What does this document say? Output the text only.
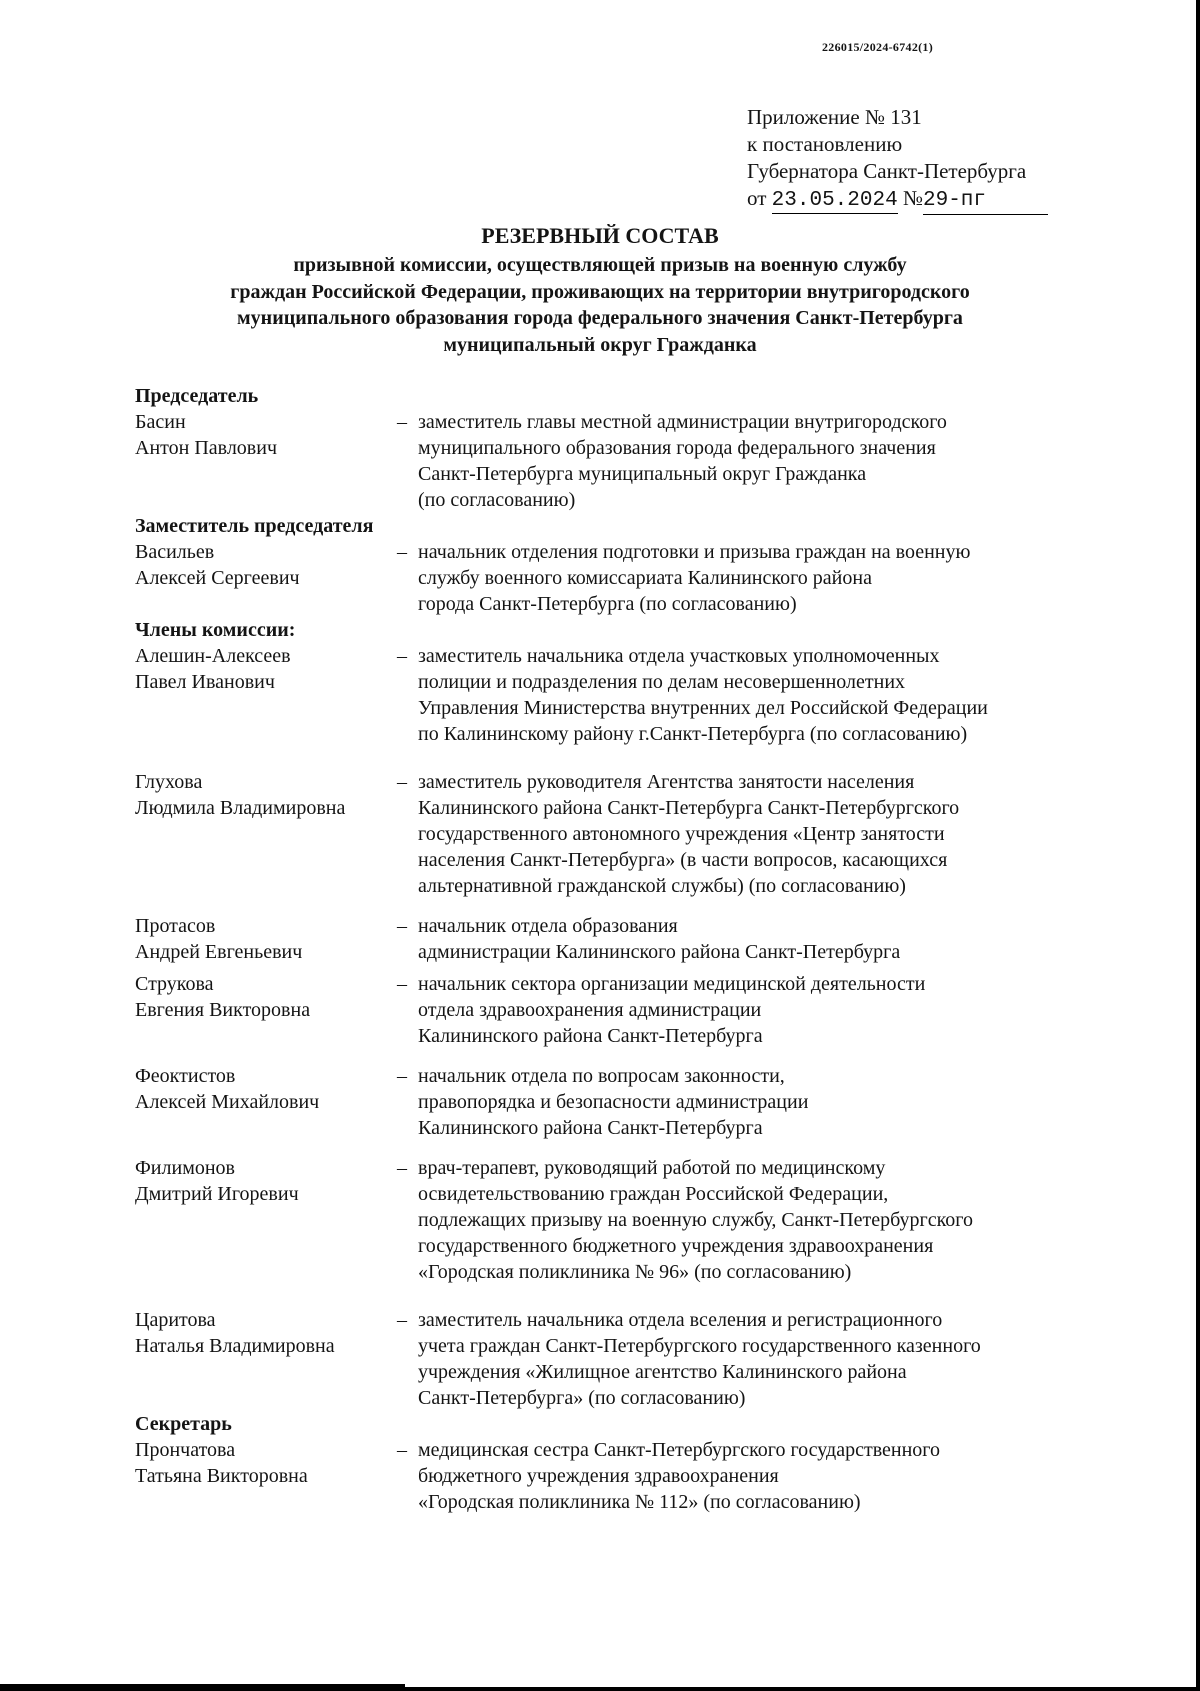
226015/2024-6742(1)
Приложение № 131
к постановлению
Губернатора Санкт-Петербурга
от 23.05.2024 №29-пг
РЕЗЕРВНЫЙ СОСТАВ
призывной комиссии, осуществляющей призыв на военную службу
граждан Российской Федерации, проживающих на территории внутригородского
муниципального образования города федерального значения Санкт-Петербурга
муниципальный округ Гражданка
Председатель
Басин
Антон Павлович
– заместитель главы местной администрации внутригородского
муниципального образования города федерального значения
Санкт-Петербурга муниципальный округ Гражданка
(по согласованию)
Заместитель председателя
Васильев
Алексей Сергеевич
– начальник отделения подготовки и призыва граждан на военную
службу военного комиссариата Калининского района
города Санкт-Петербурга (по согласованию)
Члены комиссии:
Алешин-Алексеев
Павел Иванович
– заместитель начальника отдела участковых уполномоченных
полиции и подразделения по делам несовершеннолетних
Управления Министерства внутренних дел Российской Федерации
по Калининскому району г.Санкт-Петербурга (по согласованию)
Глухова
Людмила Владимировна
– заместитель руководителя Агентства занятости населения
Калининского района Санкт-Петербурга Санкт-Петербургского
государственного автономного учреждения «Центр занятости
населения Санкт-Петербурга» (в части вопросов, касающихся
альтернативной гражданской службы) (по согласованию)
Протасов
Андрей Евгеньевич
– начальник отдела образования
администрации Калининского района Санкт-Петербурга
Струкова
Евгения Викторовна
– начальник сектора организации медицинской деятельности
отдела здравоохранения администрации
Калининского района Санкт-Петербурга
Феоктистов
Алексей Михайлович
– начальник отдела по вопросам законности,
правопорядка и безопасности администрации
Калининского района Санкт-Петербурга
Филимонов
Дмитрий Игоревич
– врач-терапевт, руководящий работой по медицинскому
освидетельствованию граждан Российской Федерации,
подлежащих призыву на военную службу, Санкт-Петербургского
государственного бюджетного учреждения здравоохранения
«Городская поликлиника № 96» (по согласованию)
Царитова
Наталья Владимировна
– заместитель начальника отдела вселения и регистрационного
учета граждан Санкт-Петербургского государственного казенного
учреждения «Жилищное агентство Калининского района
Санкт-Петербурга» (по согласованию)
Секретарь
Прончатова
Татьяна Викторовна
– медицинская сестра Санкт-Петербургского государственного
бюджетного учреждения здравоохранения
«Городская поликлиника № 112» (по согласованию)
